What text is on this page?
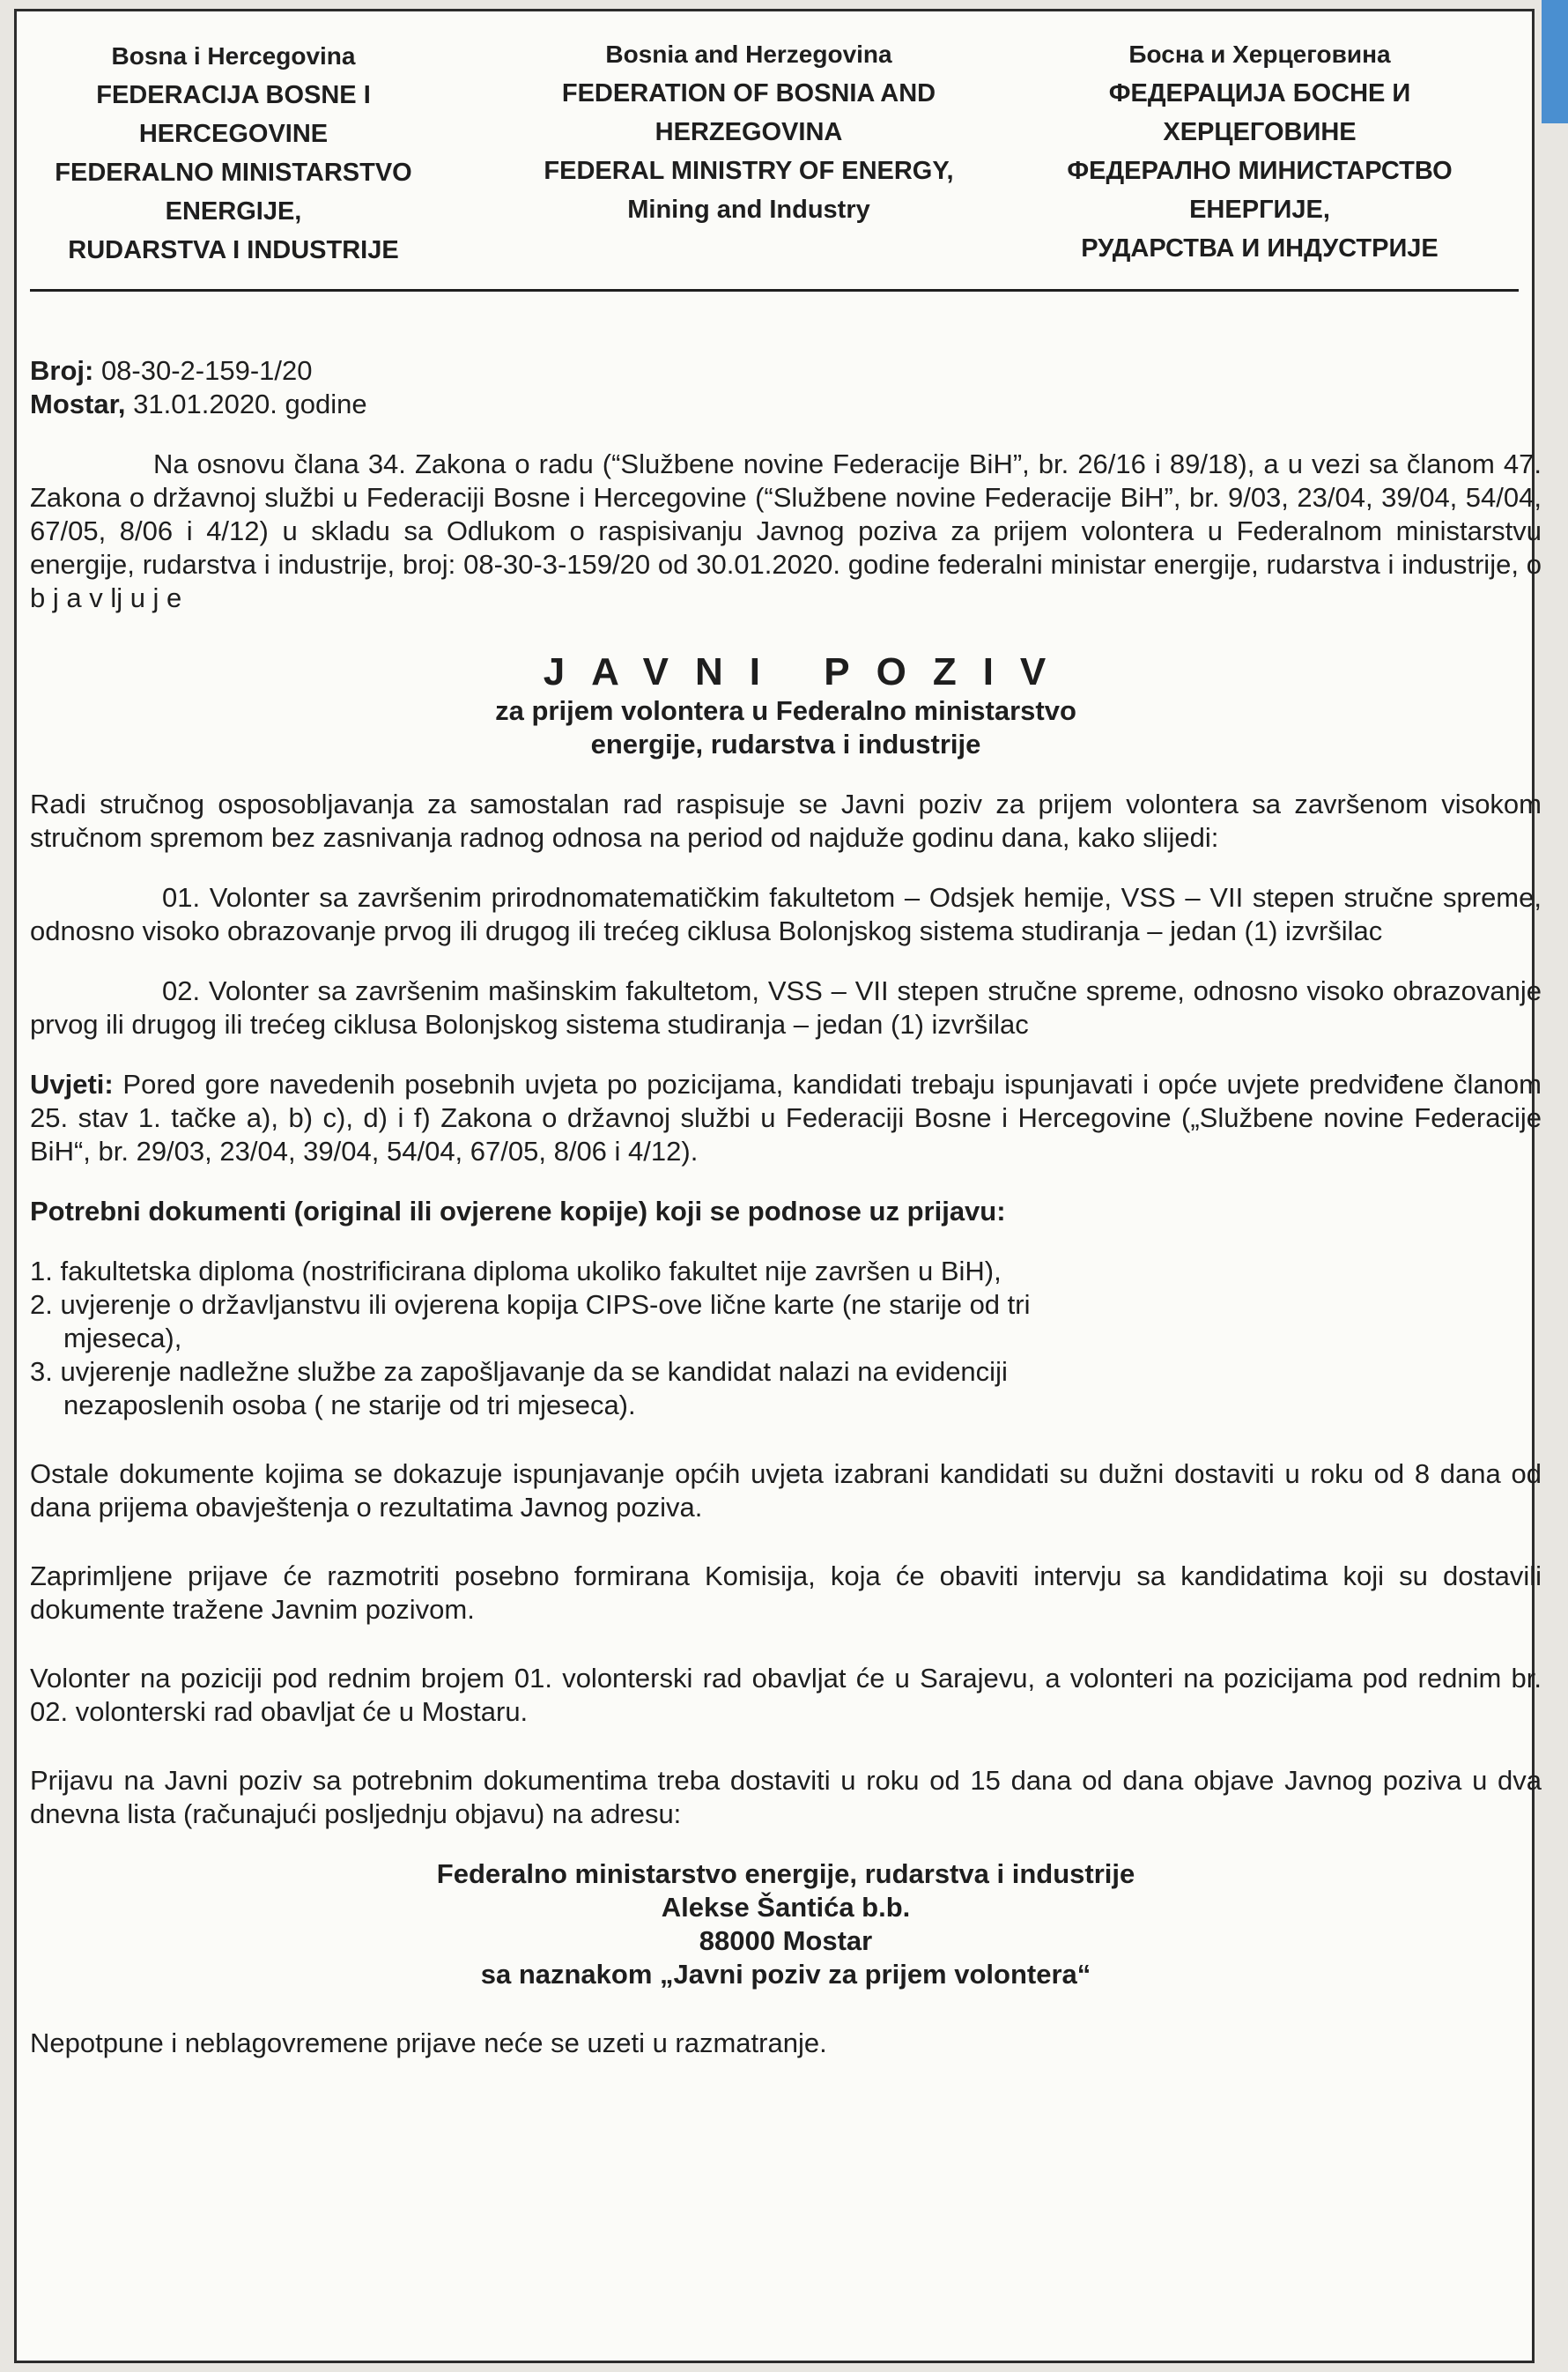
Bosna i Hercegovina
FEDERACIJA BOSNE I
HERCEGOVINE
FEDERALNO MINISTARSTVO
ENERGIJE,
RUDARSTVA I INDUSTRIJE
Bosnia and Herzegovina
FEDERATION OF BOSNIA AND
HERZEGOVINA
FEDERAL MINISTRY OF ENERGY,
Mining and Industry
Босна и Херцеговина
ФЕДЕРАЦИЈА БОСНЕ И
ХЕРЦЕГОВИНЕ
ФЕДЕРАЛНО МИНИСТАРСТВО
ЕНЕРГИЈЕ,
РУДАРСТВА И ИНДУСТРИЈЕ

Broj: 08-30-2-159-1/20

Mostar, 31.01.2020. godine

Na osnovu člana 34. Zakona o radu (“Službene novine Federacije BiH”, br. 26/16 i 89/18), a u vezi sa članom 47. Zakona o državnoj službi u Federaciji Bosne i Hercegovine (“Službene novine Federacije BiH”, br. 9/03, 23/04, 39/04, 54/04, 67/05, 8/06 i 4/12) u skladu sa Odlukom o raspisivanju Javnog poziva za prijem volontera u Federalnom ministarstvu energije, rudarstva i industrije, broj: 08-30-3-159/20 od 30.01.2020. godine federalni ministar energije, rudarstva i industrije, o b j a v lj u j e

JAVNI POZIV

za prijem volontera u Federalno ministarstvo

energije, rudarstva i industrije

Radi stručnog osposobljavanja za samostalan rad raspisuje se Javni poziv za prijem volontera sa završenom visokom stručnom spremom bez zasnivanja radnog odnosa na period od najduže godinu dana, kako slijedi:

01. Volonter sa završenim prirodnomatematičkim fakultetom – Odsjek hemije, VSS – VII stepen stručne spreme, odnosno visoko obrazovanje prvog ili drugog ili trećeg ciklusa Bolonjskog sistema studiranja – jedan (1) izvršilac

02. Volonter sa završenim mašinskim fakultetom, VSS – VII stepen stručne spreme, odnosno visoko obrazovanje prvog ili drugog ili trećeg ciklusa Bolonjskog sistema studiranja – jedan (1) izvršilac

Uvjeti: Pored gore navedenih posebnih uvjeta po pozicijama, kandidati trebaju ispunjavati i opće uvjete predviđene članom 25. stav 1. tačke a), b) c), d) i f) Zakona o državnoj službi u Federaciji Bosne i Hercegovine („Službene novine Federacije BiH“, br. 29/03, 23/04, 39/04, 54/04, 67/05, 8/06 i 4/12).

Potrebni dokumenti (original ili ovjerene kopije) koji se podnose uz prijavu:

1. fakultetska diploma (nostrificirana diploma ukoliko fakultet nije završen u BiH),
2. uvjerenje o državljanstvu ili ovjerena kopija CIPS-ove lične karte (ne starije od tri
mjeseca),
3. uvjerenje nadležne službe za zapošljavanje da se kandidat nalazi na evidenciji
nezaposlenih osoba ( ne starije od tri mjeseca).

Ostale dokumente kojima se dokazuje ispunjavanje općih uvjeta izabrani kandidati su dužni dostaviti u roku od 8 dana od dana prijema obavještenja o rezultatima Javnog poziva.

Zaprimljene prijave će razmotriti posebno formirana Komisija, koja će obaviti intervju sa kandidatima koji su dostavili dokumente tražene Javnim pozivom.

Volonter na poziciji pod rednim brojem 01. volonterski rad obavljat će u Sarajevu, a volonteri na pozicijama pod rednim br. 02. volonterski rad obavljat će u Mostaru.

Prijavu na Javni poziv sa potrebnim dokumentima treba dostaviti u roku od 15 dana od dana objave Javnog poziva u dva dnevna lista (računajući posljednju objavu) na adresu:

Federalno ministarstvo energije, rudarstva i industrije
Alekse Šantića b.b.
88000 Mostar
sa naznakom „Javni poziv za prijem volontera“

Nepotpune i neblagovremene prijave neće se uzeti u razmatranje.
